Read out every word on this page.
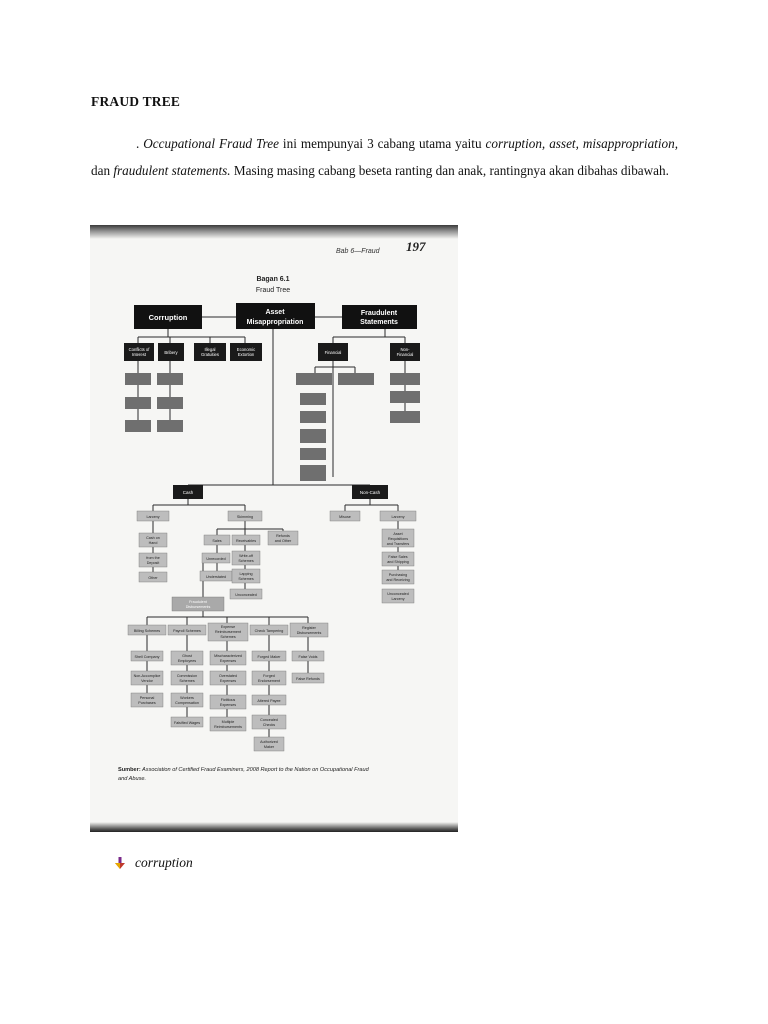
FRAUD TREE

. Occupational Fraud Tree ini mempunyai 3 cabang utama yaitu corruption, asset, misappropriation, dan fraudulent statements. Masing masing cabang beseta ranting dan anak, rantingnya akan dibahas dibawah.

Bab 6—Fraud 197
Bagan 6.1
Fraud Tree
Corruption
Asset
Misappropriation
Fraudulent
Statements
Conflicts of
Interest	Bribery
Illegal
Gratuities
Economic
Extortion	Financial
Non-
Financial
Cash	Non-Cash
Larceny	Skimming
Sales	Receivables
Refunds
and Other
Cash on
Hand
from the
Deposit
Other
Unrecorded
Understated
Write-off
Schemes
Lapping
Schemes
Unconcealed
Fraudulent
Disbursements
Misuse	Larceny
Asset
Requisitions
and Transfers
False Sales
and Shipping
Purchasing
and Receiving
Unconcealed
Larceny
Billing Schemes	Payroll Schemes
Expense
Reimbursement
Schemes
Check Tampering
Register
Disbursements
Shell Company
Non-Accomplice
Vendor
Personal
Purchases
Ghost
Employees
Commission
Schemes
Workers
Compensation
Falsified Wages
Mischaracterized
Expenses
Overstated
Expenses
Fictitious
Expenses
Multiple
Reimbursements
Forged Maker
Forged
Endorsement
Altered Payee
Concealed
Checks
Authorized
Maker
False Voids
False Refunds
Sumber: Association of Certified Fraud Examiners, 2008 Report to the Nation on Occupational Fraud
and Abuse.
corruption
